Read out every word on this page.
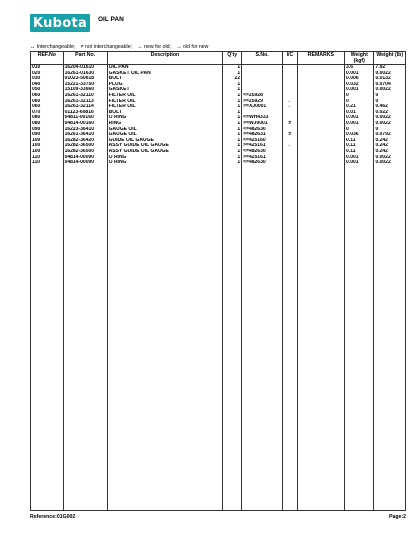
Kubota	OIL PAN
↔ Interchangeable; ≠ not interchangeable; ← new for old; → old for new
REF.No	Part No.	Description	Q'ty	S.No.	I/C	REMARKS	Weight (kgf)	Weight (lb)
010	16204-01610	OIL PAN	1				3.6	7.92
020	16261-01630	GASKET OIL PAN	1				0.001	0.0022
030	01023-50618	BOLT	22				0.006	0.0132
040	15221-33750	PLUG	1				0.032	0.0704
050	15109-33660	GASKET	1				0.001	0.0022
060	16261-32110	FILTER OIL	1	<=25928			0	0
060	16261-32113	FILTER OIL	1	>=25929	←		0	0
060	16261-32114	FILTER OIL	1	>=XJ0001	←		0.21	0.462
070	01123-60816	BOLT	1				0.01	0.022
080	04811-00160	O RING	1	<=WH4333			0.001	0.0022
080	04814-00160	RING	1	>=WJ0001	≠		0.001	0.0022
090	16223-36410	GAUGE OIL	1	<=482630			0	0
090	16261-36410	GAUGE OIL	1	>=482631	≠		0.036	0.0792
100	16282-36420	GUIDE OIL GAUGE	1	<=425160			0.11	0.242
100	16282-36500	ASSY GUIDE OIL GAUGE	1	>=425161	←		0.11	0.242
100	16282-36500	ASSY GUIDE OIL GAUGE	1	<=482630			0.11	0.242
110	04814-00090	O RING	1	>=425161			0.001	0.0022
110	04814-00090	O RING	1	<=482630			0.001	0.0022

Reference:01G002	Page:2
